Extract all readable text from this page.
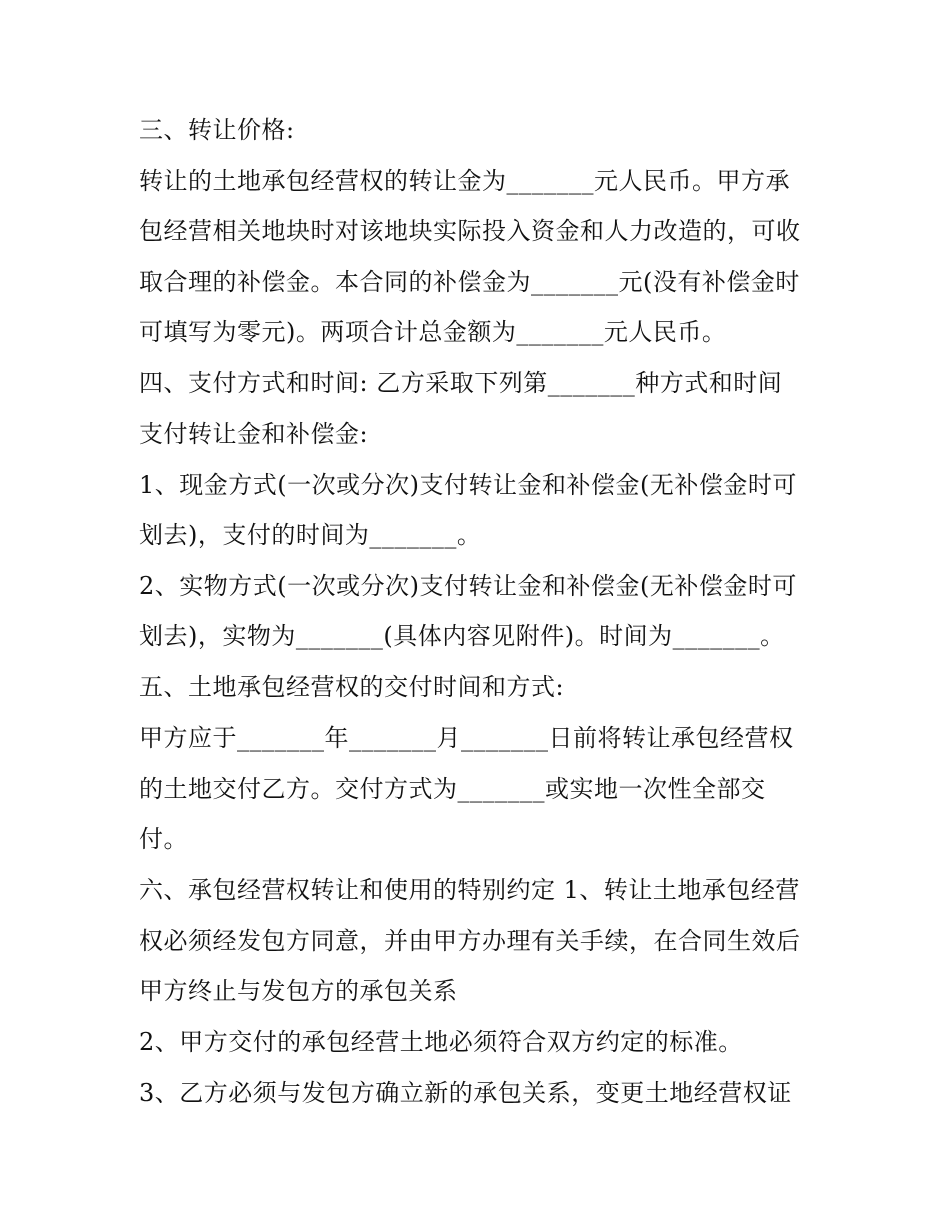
三、转让价格:
转让的土地承包经营权的转让金为_______元人民币。甲方承
包经营相关地块时对该地块实际投入资金和人力改造的，可收
取合理的补偿金。本合同的补偿金为_______元(没有补偿金时
可填写为零元)。两项合计总金额为_______元人民币。
四、支付方式和时间: 乙方采取下列第_______种方式和时间
支付转让金和补偿金:
1、现金方式(一次或分次)支付转让金和补偿金(无补偿金时可
划去)，支付的时间为_______。
2、实物方式(一次或分次)支付转让金和补偿金(无补偿金时可
划去)，实物为_______(具体内容见附件)。时间为_______。
五、土地承包经营权的交付时间和方式:
甲方应于_______年_______月_______日前将转让承包经营权
的土地交付乙方。交付方式为_______或实地一次性全部交
付。
六、承包经营权转让和使用的特别约定 1、转让土地承包经营
权必须经发包方同意，并由甲方办理有关手续，在合同生效后
甲方终止与发包方的承包关系
2、甲方交付的承包经营土地必须符合双方约定的标准。
3、乙方必须与发包方确立新的承包关系，变更土地经营权证
